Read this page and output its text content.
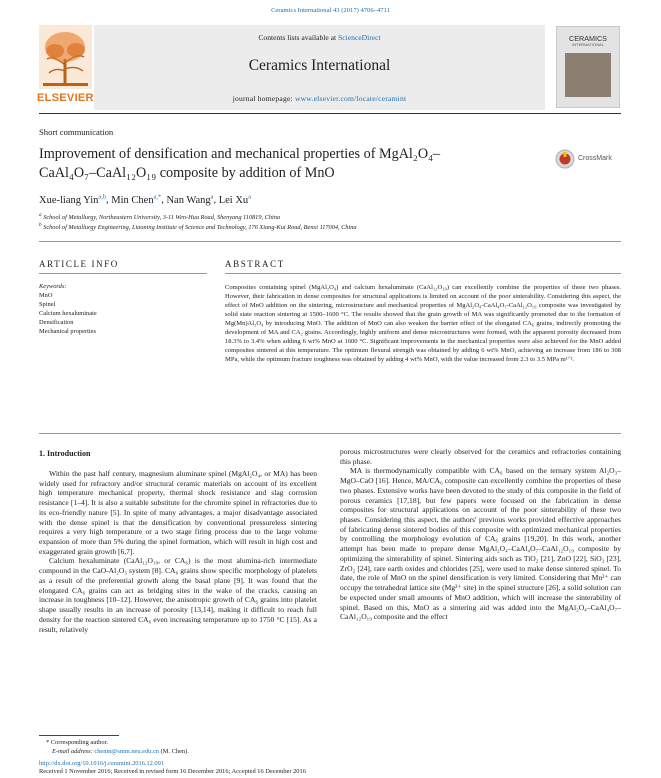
Ceramics International 43 (2017) 4706–4711
ELSEVIER
Contents lists available at ScienceDirect
Ceramics International
journal homepage: www.elsevier.com/locate/ceramint
CERAMICS
INTERNATIONAL
Short communication
Improvement of densification and mechanical properties of MgAl₂O₄–
CaAl₄O₇–CaAl₁₂O₁₉ composite by addition of MnO
CrossMark
Xue-liang Yin$^{a,b}$, Min Chen$^{a,*}$, Nan Wang$^a$, Lei Xu$^a$
$^a$ School of Metallurgy, Northeastern University, 3-11 Wen-Hua Road, Shenyang 110819, China
$^b$ School of Metallurgy Engineering, Liaoning Institute of Science and Technology, 176 Xiang-Kui Road, Benxi 117004, China
ARTICLE INFO	ABSTRACT
Keywords:
MnO
Spinel
Calcium hexaluminate
Densification
Mechanical properties
Composites containing spinel (MgAl₂O₄) and calcium hexaluminate (CaAl₁₂O₁₉) can excellently combine the properties of these two phases. However, their fabrication in dense composites for structural applications is limited on account of the poor sinterability. Considering this aspect, the effect of MnO addition on the sintering, microstructure and mechanical properties of MgAl₂O₄-CaAl₄O₇-CaAl₁₂O₁₉ composite was investigated by solid state reaction sintering at 1500–1600 °C. The results showed that the grain growth of MA was significantly promoted due to the formation of Mg(Mn)Al₂O₄ by introducing MnO. The addition of MnO can also weaken the barrier effect of the elongated CA₆ grains, indirectly promoting the development of MA and CA₂ grains. Accordingly, highly uniform and dense microstructures were formed, with the apparent porosity decreased from 18.3% to 3.4% when adding 6 wt% MnO at 1600 °C. Significant improvements in the mechanical properties were also achieved for the MnO added composites sintered at this temperature. The optimum flexural strength was obtained by adding 6 wt% MnO, achieving an increase from 186 to 308 MPa, while the optimum fracture toughness was obtained by adding 4 wt% MnO, with the value increased from 2.3 to 3.5 MPa m¹ᐟ².
1. Introduction

Within the past half century, magnesium aluminate spinel (MgAl₂O₄, or MA) has been widely used for refractory and/or structural ceramic materials on account of its excellent high temperature mechanical property, thermal shock resistance and slag corrosion resistance [1–4]. It is also a suitable substitute for the chromite spinel in refractories due to its eco-friendly nature [5]. In spite of many advantages, a major disadvantage associated with the dense spinel is that the densification by conventional pressureless sintering requires a very high temperature or a two stage firing process due to the large volume expansion of more than 5% during the spinel formation, which will result in high cost and exaggerated grain growth [6,7].

Calcium hexaluminate (CaAl₁₂O₁₉, or CA₆) is the most alumina-rich intermediate compound in the CaO-Al₂O₃ system [8]. CA₆ grains show specific morphology of platelets as a result of the preferential growth along the basal plane [9]. It was found that the elongated CA₆ grains can act as bridging sites in the wake of the cracks, causing an increase in toughness [10–12]. However, the anisotropic growth of CA₆ grains into platelet shape usually results in an increase of porosity [13,14], making it difficult to reach full density for the reaction sintered CA₆ even increasing temperature up to 1750 °C [15]. As a result, relatively

porous microstructures were clearly observed for the ceramics and refractories containing this phase.

MA is thermodynamically compatible with CA₆ based on the ternary system Al₂O₃–MgO–CaO [16]. Hence, MA/CA₆ composite can excellently combine the properties of these two phases. Extensive works have been devoted to the study of this composite in the field of porous ceramics [17,18], but few papers were focused on the fabrication in dense composites for structural applications on account of the poor sinterability of these two phases. Considering this aspect, the authors' previous works provided effective approaches of fabricating dense sintered bodies of this composite with optimized mechanical properties by controlling the morphology evolution of CA₆ grains [19,20]. In this work, another attempt has been made to prepare dense MgAl₂O₄–CaAl₄O₇–CaAl₁₂O₁₉ composite by optimizing the sinterability of spinel. Sintering aids such as TiO₂ [21], ZnO [22], SiO₂ [23], ZrO₂ [24], rare earth oxides and chlorides [25], were used to make dense sintered spinel. To date, the role of MnO on the spinel densification is very limited. Considering that Mn²⁺ can occupy the tetrahedral lattice site (Mg²⁺ site) in the spinel structure [26], a solid solution can be expected under small amounts of MnO addition, which will increase the sinterability of spinel. Based on this, MnO as a sintering aid was added into the MgAl₂O₄–CaAl₄O₇–CaAl₁₂O₁₉ composite and the effect

* Corresponding author.
E-mail address: chenm@smm.neu.edu.cn (M. Chen).
http://dx.doi.org/10.1016/j.ceramint.2016.12.091
Received 1 November 2016; Received in revised form 16 December 2016; Accepted 16 December 2016
